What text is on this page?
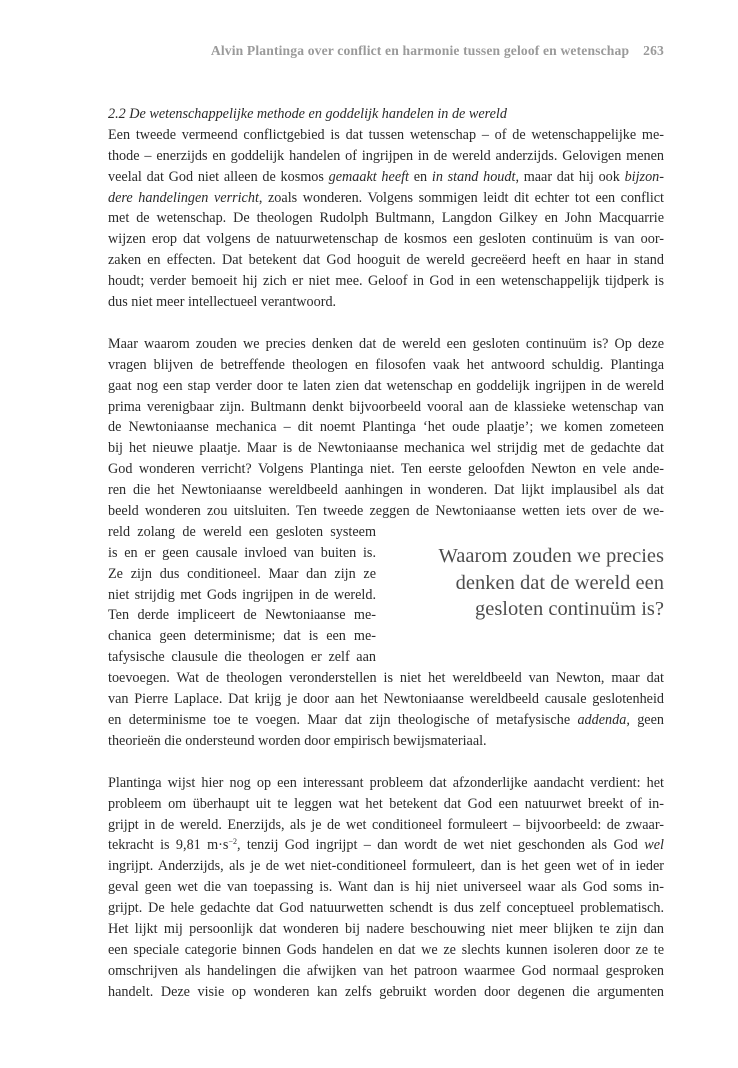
Alvin Plantinga over conflict en harmonie tussen geloof en wetenschap 263
2.2 De wetenschappelijke methode en goddelijk handelen in de wereld
Een tweede vermeend conflictgebied is dat tussen wetenschap – of de wetenschappelijke me-
thode – enerzijds en goddelijk handelen of ingrijpen in de wereld anderzijds. Gelovigen menen
veelal dat God niet alleen de kosmos gemaakt heeft en in stand houdt, maar dat hij ook bijzon-
dere handelingen verricht, zoals wonderen. Volgens sommigen leidt dit echter tot een conflict
met de wetenschap. De theologen Rudolph Bultmann, Langdon Gilkey en John Macquarrie
wijzen erop dat volgens de natuurwetenschap de kosmos een gesloten continuüm is van oor-
zaken en effecten. Dat betekent dat God hooguit de wereld gecreëerd heeft en haar in stand
houdt; verder bemoeit hij zich er niet mee. Geloof in God in een wetenschappelijk tijdperk is
dus niet meer intellectueel verantwoord.
Maar waarom zouden we precies denken dat de wereld een gesloten continuüm is? Op deze
vragen blijven de betreffende theologen en filosofen vaak het antwoord schuldig. Plantinga
gaat nog een stap verder door te laten zien dat wetenschap en goddelijk ingrijpen in de wereld
prima verenigbaar zijn. Bultmann denkt bijvoorbeeld vooral aan de klassieke wetenschap van
de Newtoniaanse mechanica – dit noemt Plantinga ‘het oude plaatje’; we komen zometeen
bij het nieuwe plaatje. Maar is de Newtoniaanse mechanica wel strijdig met de gedachte dat
God wonderen verricht? Volgens Plantinga niet. Ten eerste geloofden Newton en vele ande-
ren die het Newtoniaanse wereldbeeld aanhingen in wonderen. Dat lijkt implausibel als dat
beeld wonderen zou uitsluiten. Ten tweede zeggen de Newtoniaanse wetten iets over de we-
reld zolang de wereld een gesloten systeem
is en er geen causale invloed van buiten is.
Ze zijn dus conditioneel. Maar dan zijn ze
niet strijdig met Gods ingrijpen in de wereld.
Ten derde impliceert de Newtoniaanse me-
chanica geen determinisme; dat is een me-
tafysische clausule die theologen er zelf aan
toevoegen. Wat de theologen veronderstellen is niet het wereldbeeld van Newton, maar dat
van Pierre Laplace. Dat krijg je door aan het Newtoniaanse wereldbeeld causale geslotenheid
en determinisme toe te voegen. Maar dat zijn theologische of metafysische addenda, geen
theorieën die ondersteund worden door empirisch bewijsmateriaal.
Plantinga wijst hier nog op een interessant probleem dat afzonderlijke aandacht verdient: het
probleem om überhaupt uit te leggen wat het betekent dat God een natuurwet breekt of in-
grijpt in de wereld. Enerzijds, als je de wet conditioneel formuleert – bijvoorbeeld: de zwaar-
tekracht is 9,81 $m\cdot s^{-2}$, tenzij God ingrijpt – dan wordt de wet niet geschonden als God wel
ingrijpt. Anderzijds, als je de wet niet-conditioneel formuleert, dan is het geen wet of in ieder
geval geen wet die van toepassing is. Want dan is hij niet universeel waar als God soms in-
grijpt. De hele gedachte dat God natuurwetten schendt is dus zelf conceptueel problematisch.
Het lijkt mij persoonlijk dat wonderen bij nadere beschouwing niet meer blijken te zijn dan
een speciale categorie binnen Gods handelen en dat we ze slechts kunnen isoleren door ze te
omschrijven als handelingen die afwijken van het patroon waarmee God normaal gesproken
handelt. Deze visie op wonderen kan zelfs gebruikt worden door degenen die argumenten
Waarom zouden we precies
denken dat de wereld een
gesloten continuüm is?
